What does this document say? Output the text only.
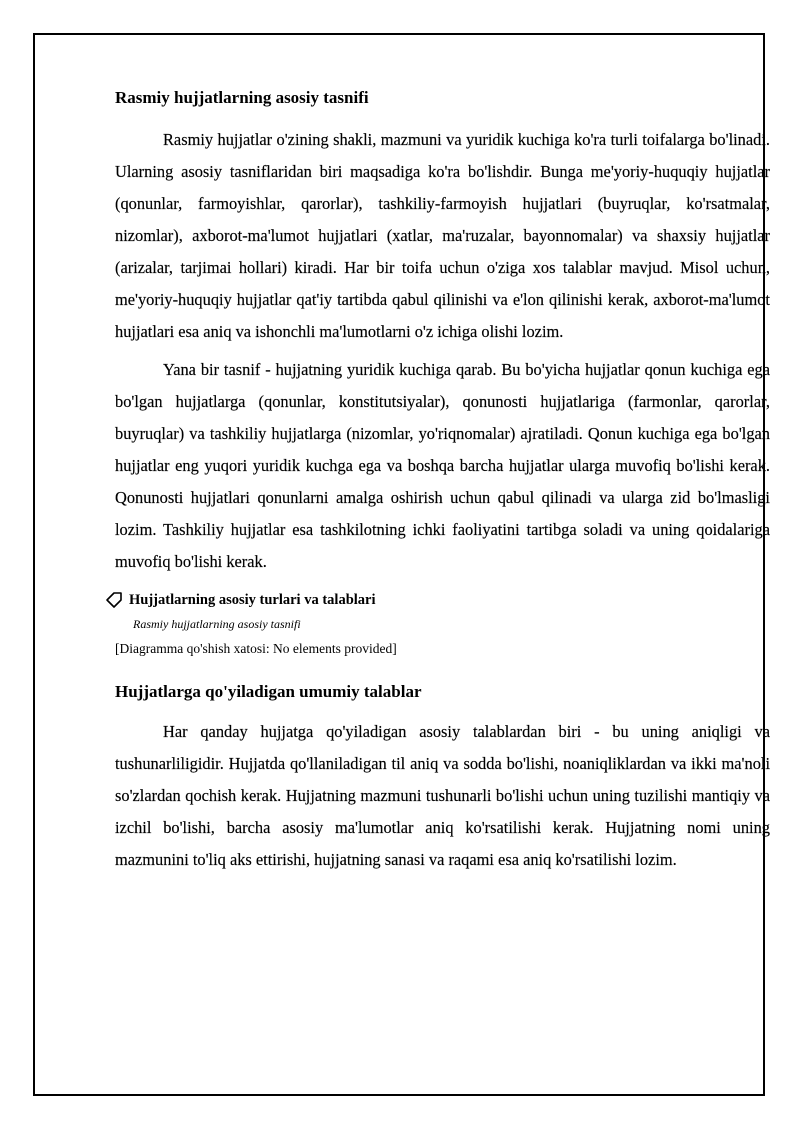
Rasmiy hujjatlarning asosiy tasnifi

Rasmiy hujjatlar o'zining shakli, mazmuni va yuridik kuchiga ko'ra turli toifalarga bo'linadi. Ularning asosiy tasniflaridan biri maqsadiga ko'ra bo'lishdir. Bunga me'yoriy-huquqiy hujjatlar (qonunlar, farmoyishlar, qarorlar), tashkiliy-farmoyish hujjatlari (buyruqlar, ko'rsatmalar, nizomlar), axborot-ma'lumot hujjatlari (xatlar, ma'ruzalar, bayonnomalar) va shaxsiy hujjatlar (arizalar, tarjimai hollari) kiradi. Har bir toifa uchun o'ziga xos talablar mavjud. Misol uchun, me'yoriy-huquqiy hujjatlar qat'iy tartibda qabul qilinishi va e'lon qilinishi kerak, axborot-ma'lumot hujjatlari esa aniq va ishonchli ma'lumotlarni o'z ichiga olishi lozim.

Yana bir tasnif - hujjatning yuridik kuchiga qarab. Bu bo'yicha hujjatlar qonun kuchiga ega bo'lgan hujjatlarga (qonunlar, konstitutsiyalar), qonunosti hujjatlariga (farmonlar, qarorlar, buyruqlar) va tashkiliy hujjatlarga (nizomlar, yo'riqnomalar) ajratiladi. Qonun kuchiga ega bo'lgan hujjatlar eng yuqori yuridik kuchga ega va boshqa barcha hujjatlar ularga muvofiq bo'lishi kerak. Qonunosti hujjatlari qonunlarni amalga oshirish uchun qabul qilinadi va ularga zid bo'lmasligi lozim. Tashkiliy hujjatlar esa tashkilotning ichki faoliyatini tartibga soladi va uning qoidalariga muvofiq bo'lishi kerak.

Hujjatlarning asosiy turlari va talablari
Rasmiy hujjatlarning asosiy tasnifi
[Diagramma qo'shish xatosi: No elements provided]
Hujjatlarga qo'yiladigan umumiy talablar

Har qanday hujjatga qo'yiladigan asosiy talablardan biri - bu uning aniqligi va tushunarliligidir. Hujjatda qo'llaniladigan til aniq va sodda bo'lishi, noaniqliklardan va ikki ma'noli so'zlardan qochish kerak. Hujjatning mazmuni tushunarli bo'lishi uchun uning tuzilishi mantiqiy va izchil bo'lishi, barcha asosiy ma'lumotlar aniq ko'rsatilishi kerak. Hujjatning nomi uning mazmunini to'liq aks ettirishi, hujjatning sanasi va raqami esa aniq ko'rsatilishi lozim.
